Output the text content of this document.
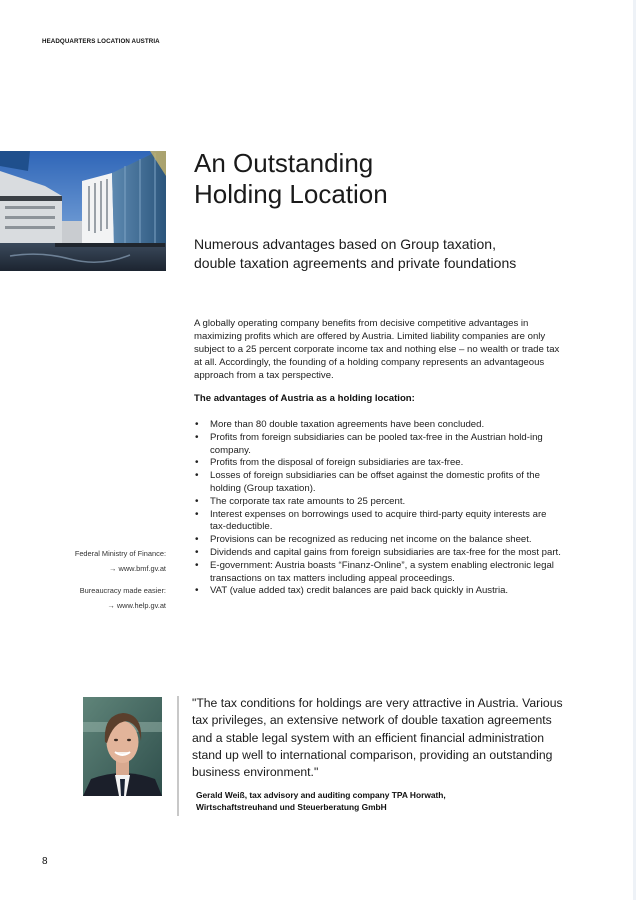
HEADQUARTERS LOCATION AUSTRIA
An Outstanding
Holding Location
Numerous advantages based on Group taxation,
double taxation agreements and private foundations

A globally operating company benefits from decisive competitive advantages in maximizing profits which are offered by Austria. Limited liability companies are only subject to a 25 percent corporate income tax and nothing else – no wealth or trade tax at all. Accordingly, the founding of a holding company represents an advantageous approach from a tax perspective.

The advantages of Austria as a holding location:

• More than 80 double taxation agreements have been concluded.
• Profits from foreign subsidiaries can be pooled tax-free in the Austrian hold-ing company.
• Profits from the disposal of foreign subsidiaries are tax-free.
• Losses of foreign subsidiaries can be offset against the domestic profits of the holding (Group taxation).
• The corporate tax rate amounts to 25 percent.
• Interest expenses on borrowings used to acquire third-party equity interests are tax-deductible.
• Provisions can be recognized as reducing net income on the balance sheet.
• Dividends and capital gains from foreign subsidiaries are tax-free for the most part.
• E-government: Austria boasts “Finanz-Online”, a system enabling electronic legal transactions on tax matters including appeal proceedings.
• VAT (value added tax) credit balances are paid back quickly in Austria.
Federal Ministry of Finance:
→ www.bmf.gv.at
Bureaucracy made easier:
→ www.help.gv.at

"The tax conditions for holdings are very attractive in Austria. Various tax privileges, an extensive network of double taxation agreements and a stable legal system with an efficient financial administration stand up well to international comparison, providing an outstanding business environment."

Gerald Weiß, tax advisory and auditing company TPA Horwath,
Wirtschaftstreuhand und Steuerberatung GmbH

8
